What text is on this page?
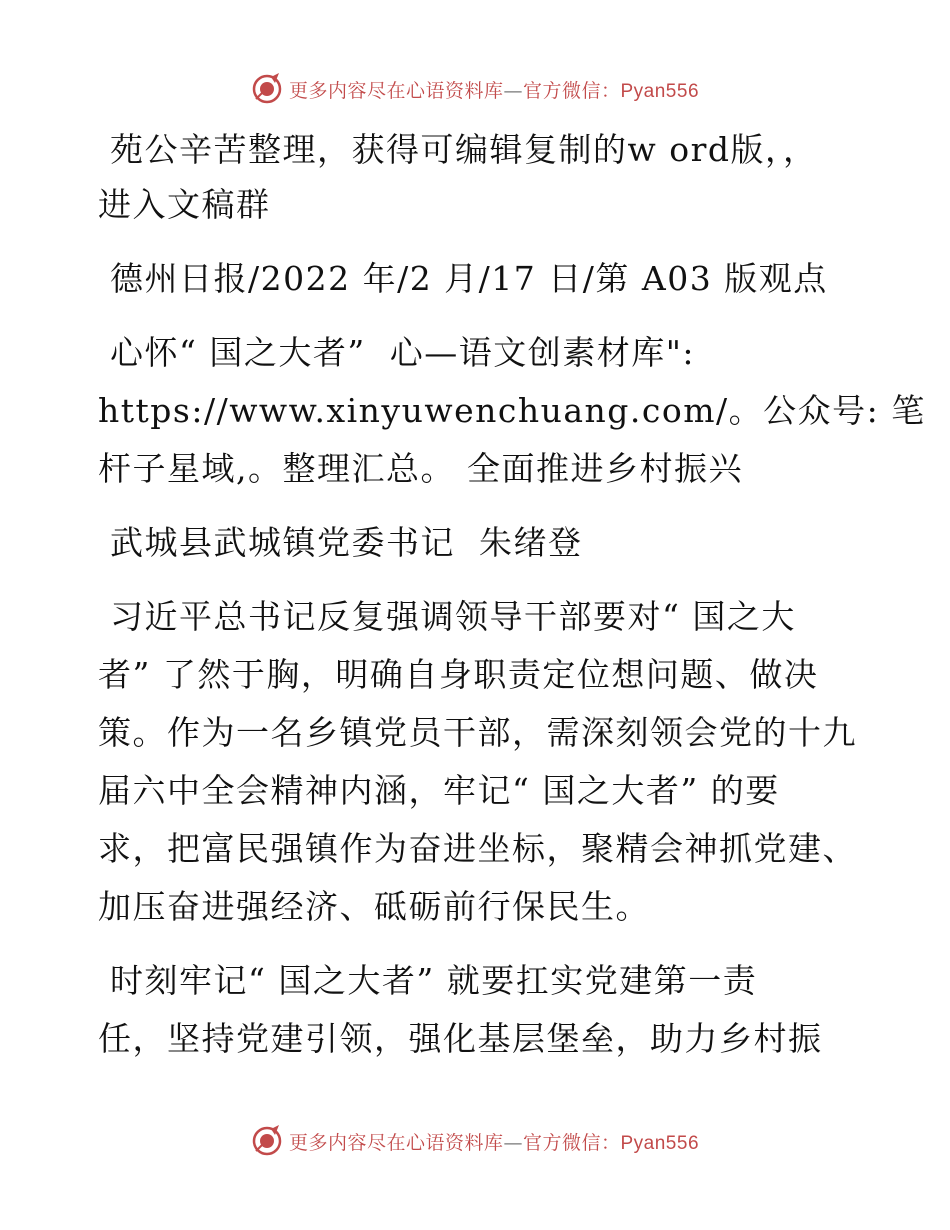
更多内容尽在心语资料库—官方微信：Pyan556
苑公辛苦整理，获得可编辑复制的w ord版，，
进入文稿群
德州日报/2022 年/2 月/17 日/第 A03 版观点
心怀“ 国之大者”  心—语文创素材库":
https://www.xinyuwenchuang.com/。公众号: 笔
杆子星域,。整理汇总。 全面推进乡村振兴
武城县武城镇党委书记  朱绪登
习近平总书记反复强调领导干部要对“ 国之大
者” 了然于胸，明确自身职责定位想问题、做决
策。作为一名乡镇党员干部，需深刻领会党的十九
届六中全会精神内涵，牢记“ 国之大者” 的要
求，把富民强镇作为奋进坐标，聚精会神抓党建、
加压奋进强经济、砥砺前行保民生。
时刻牢记“ 国之大者” 就要扛实党建第一责
任，坚持党建引领，强化基层堡垒，助力乡村振
更多内容尽在心语资料库—官方微信：Pyan556
